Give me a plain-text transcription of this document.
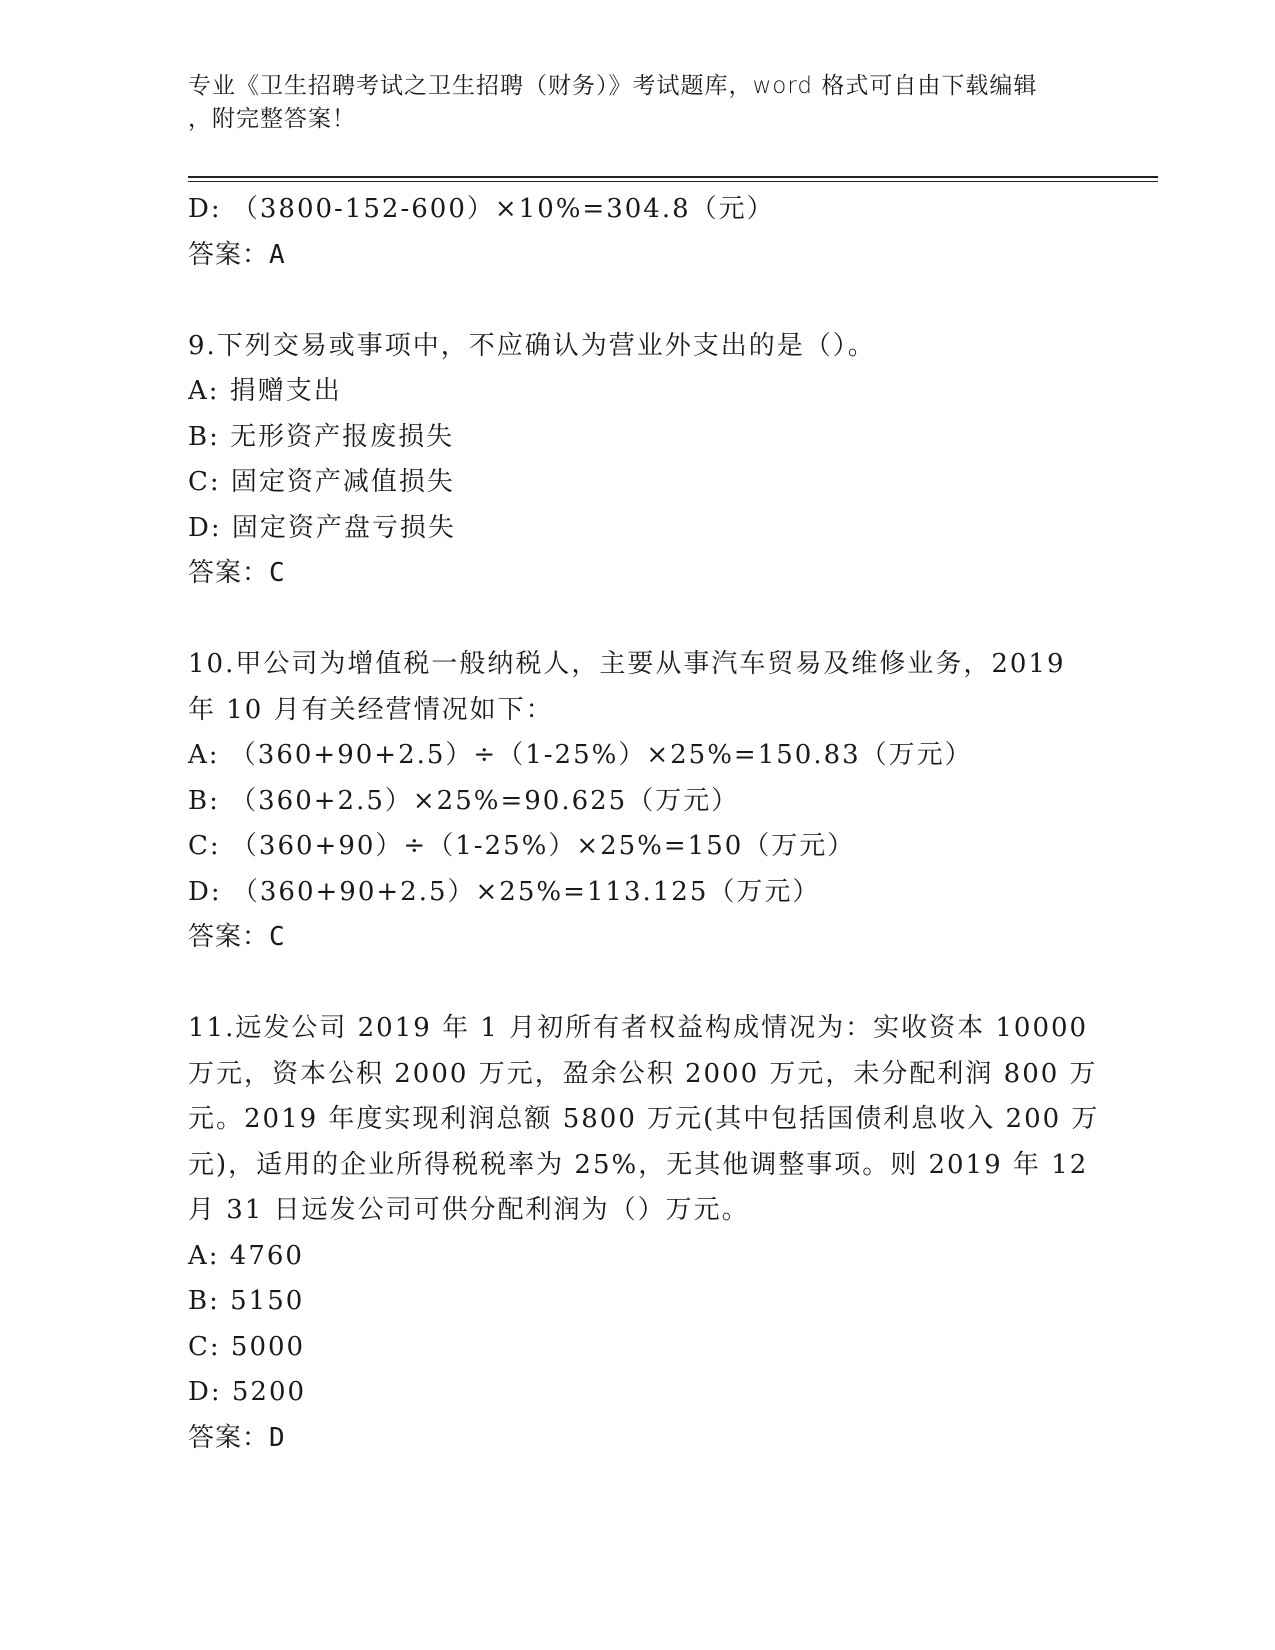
专业《卫生招聘考试之卫生招聘（财务）》考试题库，word 格式可自由下载编辑
，附完整答案！
D: （3800-152-600）×10%=304.8（元）
答案：A
9.下列交易或事项中，不应确认为营业外支出的是（）。
A: 捐赠支出
B: 无形资产报废损失
C: 固定资产减值损失
D: 固定资产盘亏损失
答案：C
10.甲公司为增值税一般纳税人，主要从事汽车贸易及维修业务，2019
年 10 月有关经营情况如下：
A: （360+90+2.5）÷（1-25%）×25%=150.83（万元）
B: （360+2.5）×25%=90.625（万元）
C: （360+90）÷（1-25%）×25%=150（万元）
D: （360+90+2.5）×25%=113.125（万元）
答案：C
11.远发公司 2019 年 1 月初所有者权益构成情况为：实收资本 10000
万元，资本公积 2000 万元，盈余公积 2000 万元，未分配利润 800 万
元。2019 年度实现利润总额 5800 万元(其中包括国债利息收入 200 万
元)，适用的企业所得税税率为 25%，无其他调整事项。则 2019 年 12
月 31 日远发公司可供分配利润为（）万元。
A: 4760
B: 5150
C: 5000
D: 5200
答案：D
